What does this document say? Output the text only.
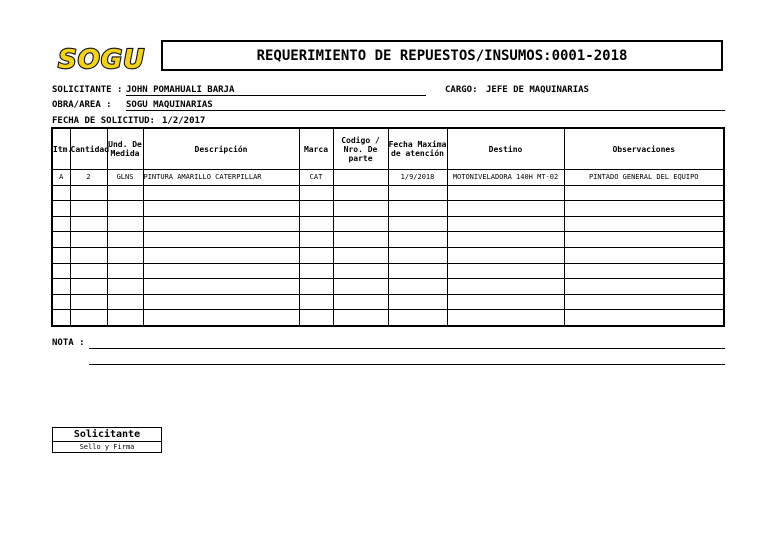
SOGU	REQUERIMIENTO DE REPUESTOS/INSUMOS:0001-2018
SOLICITANTE : JOHN POMAHUALI BARJA	CARGO: JEFE DE MAQUINARIAS
OBRA/AREA : SOGU MAQUINARIAS
FECHA DE SOLICITUD: 1/2/2017
Itm.	Cantidad	Und. De Medida	Descripción	Marca	Codigo / Nro. De parte	Fecha Maxima de atención	Destino	Observaciones
A	2	GLNS	PINTURA AMARILLO CATERPILLAR	CAT		1/9/2018	MOTONIVELADORA 140H MT-02	PINTADO GENERAL DEL EQUIPO

NOTA :
Solicitante
Sello y Firma
